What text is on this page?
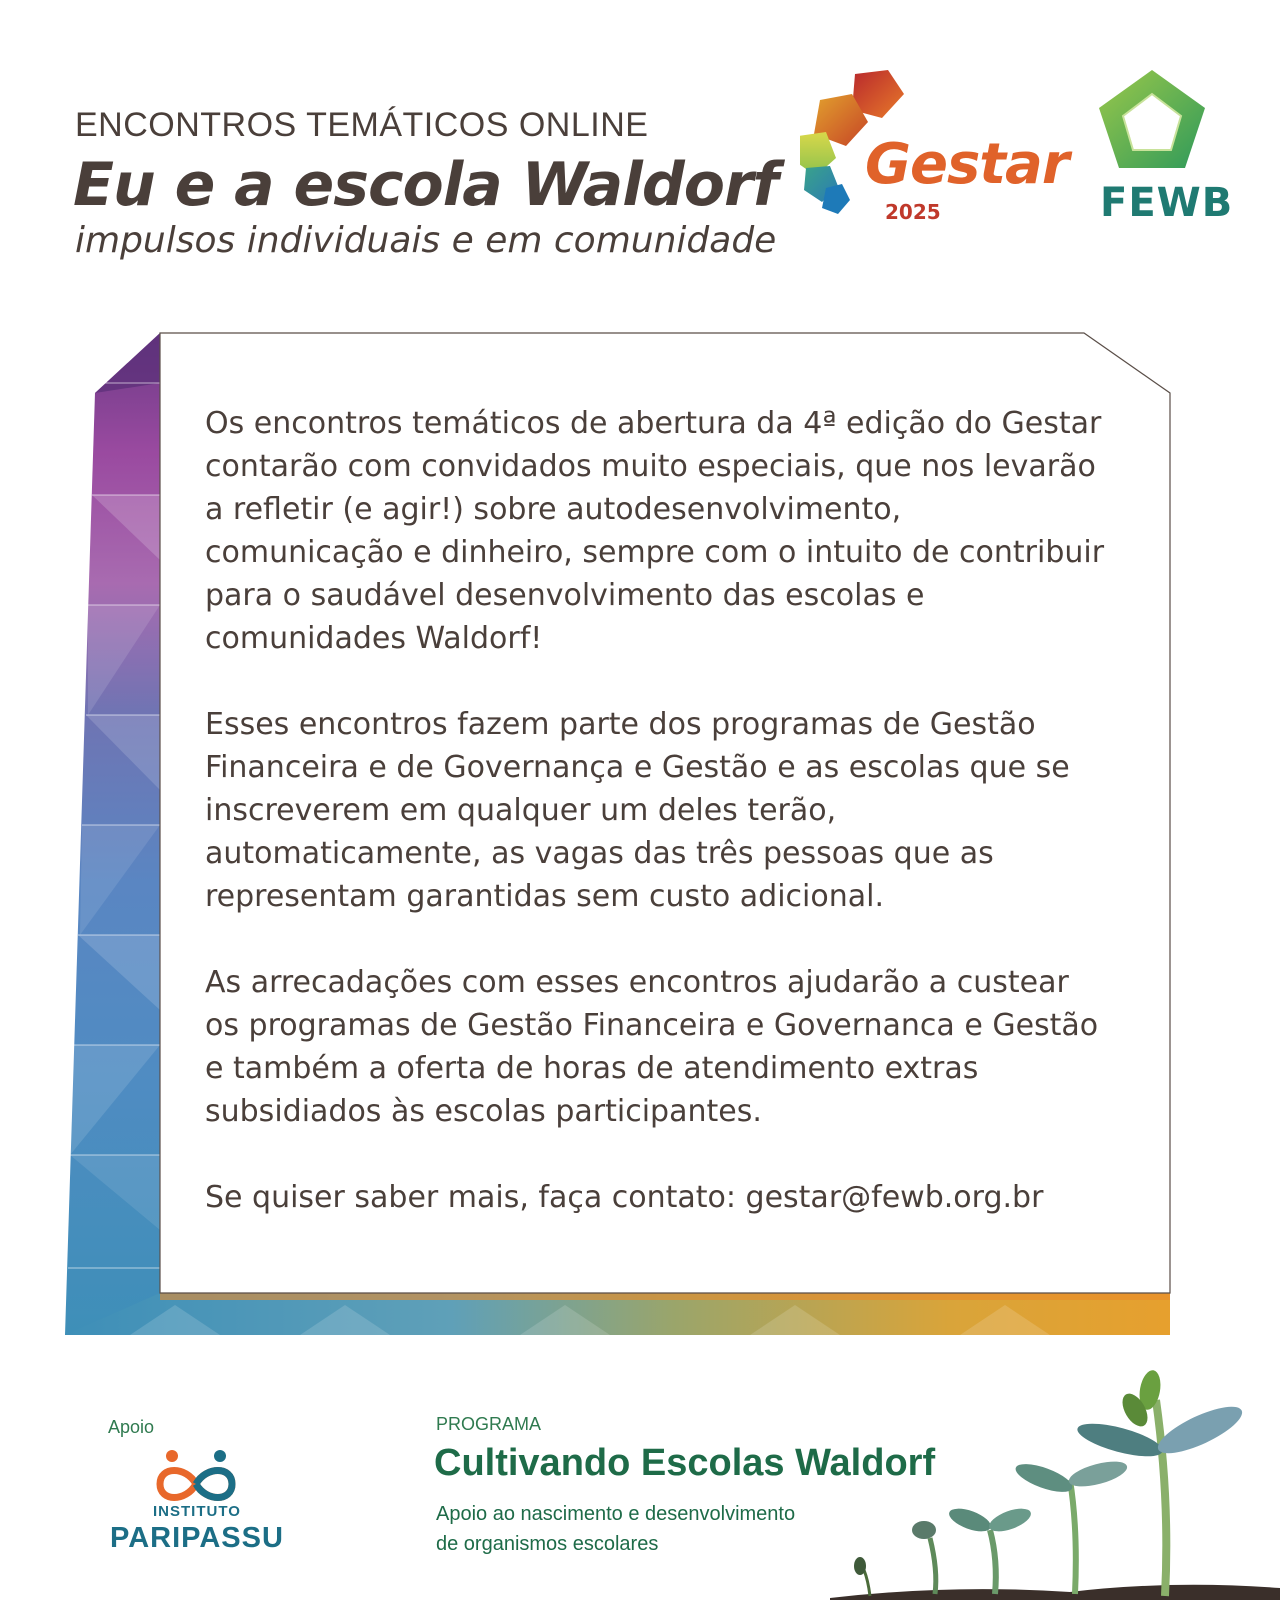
ENCONTROS TEMÁTICOS ONLINE
Eu e a escola Waldorf
impulsos individuais e em comunidade
Gestar
2025	FEWB

Os encontros temáticos de abertura da 4ª edição do Gestar contarão com convidados muito especiais, que nos levarão a refletir (e agir!) sobre autodesenvolvimento, comunicação e dinheiro, sempre com o intuito de contribuir para o saudável desenvolvimento das escolas e comunidades Waldorf!

Esses encontros fazem parte dos programas de Gestão Financeira e de Governança e Gestão e as escolas que se inscreverem em qualquer um deles terão, automaticamente, as vagas das três pessoas que as representam garantidas sem custo adicional.

As arrecadações com esses encontros ajudarão a custear os programas de Gestão Financeira e Governanca e Gestão e também a oferta de horas de atendimento extras subsidiados às escolas participantes.

Se quiser saber mais, faça contato: gestar@fewb.org.br

Apoio
INSTITUTO
PARIPASSU
PROGRAMA
Cultivando Escolas Waldorf
Apoio ao nascimento e desenvolvimento
de organismos escolares
